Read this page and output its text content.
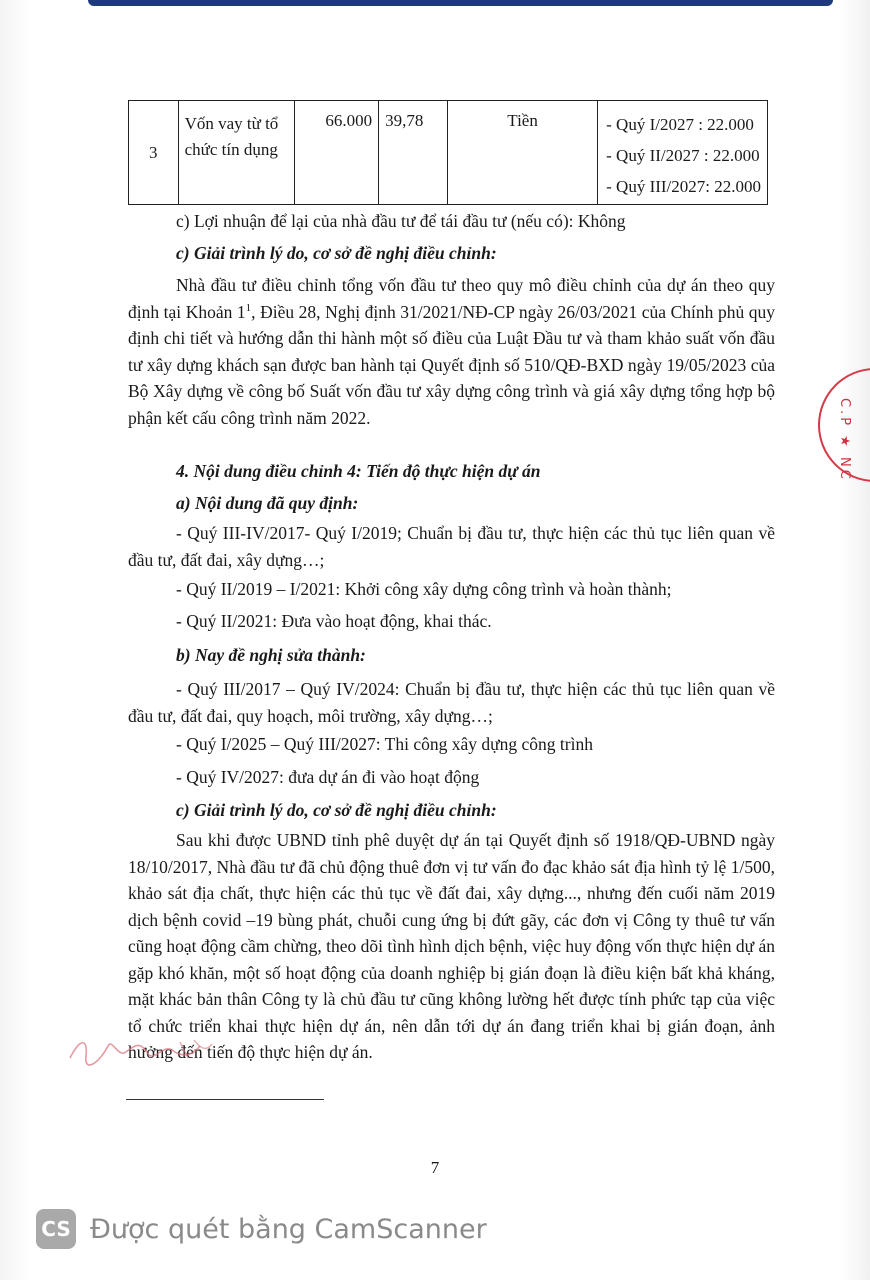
3	Vốn vay từ tổ chức tín dụng	66.000	39,78	Tiền	- Quý I/2027 : 22.000
- Quý II/2027 : 22.000
- Quý III/2027: 22.000
c) Lợi nhuận để lại của nhà đầu tư để tái đầu tư (nếu có): Không
c) Giải trình lý do, cơ sở đề nghị điều chỉnh:
Nhà đầu tư điều chỉnh tổng vốn đầu tư theo quy mô điều chỉnh của dự án theo quy định tại Khoản $1^1$, Điều 28, Nghị định 31/2021/NĐ-CP ngày 26/03/2021 của Chính phủ quy định chi tiết và hướng dẫn thi hành một số điều của Luật Đầu tư và tham khảo suất vốn đầu tư xây dựng khách sạn được ban hành tại Quyết định số 510/QĐ-BXD ngày 19/05/2023 của Bộ Xây dựng về công bố Suất vốn đầu tư xây dựng công trình và giá xây dựng tổng hợp bộ phận kết cấu công trình năm 2022.
4. Nội dung điều chỉnh 4: Tiến độ thực hiện dự án
a) Nội dung đã quy định:
- Quý III-IV/2017- Quý I/2019; Chuẩn bị đầu tư, thực hiện các thủ tục liên quan về đầu tư, đất đai, xây dựng…;
- Quý II/2019 – I/2021: Khởi công xây dựng công trình và hoàn thành;
- Quý II/2021: Đưa vào hoạt động, khai thác.
b) Nay đề nghị sửa thành:
- Quý III/2017 – Quý IV/2024: Chuẩn bị đầu tư, thực hiện các thủ tục liên quan về đầu tư, đất đai, quy hoạch, môi trường, xây dựng…;
- Quý I/2025 – Quý III/2027: Thi công xây dựng công trình
- Quý IV/2027: đưa dự án đi vào hoạt động
c) Giải trình lý do, cơ sở đề nghị điều chỉnh:
Sau khi được UBND tỉnh phê duyệt dự án tại Quyết định số 1918/QĐ-UBND ngày 18/10/2017, Nhà đầu tư đã chủ động thuê đơn vị tư vấn đo đạc khảo sát địa hình tỷ lệ 1/500, khảo sát địa chất, thực hiện các thủ tục về đất đai, xây dựng..., nhưng đến cuối năm 2019 dịch bệnh covid –19 bùng phát, chuỗi cung ứng bị đứt gãy, các đơn vị Công ty thuê tư vấn cũng hoạt động cầm chừng, theo dõi tình hình dịch bệnh, việc huy động vốn thực hiện dự án gặp khó khăn, một số hoạt động của doanh nghiệp bị gián đoạn là điều kiện bất khả kháng, mặt khác bản thân Công ty là chủ đầu tư cũng không lường hết được tính phức tạp của việc tổ chức triển khai thực hiện dự án, nên dẫn tới dự án đang triển khai bị gián đoạn, ảnh hưởng đến tiến độ thực hiện dự án.
7
C.P ★ NC
CS Được quét bằng CamScanner
